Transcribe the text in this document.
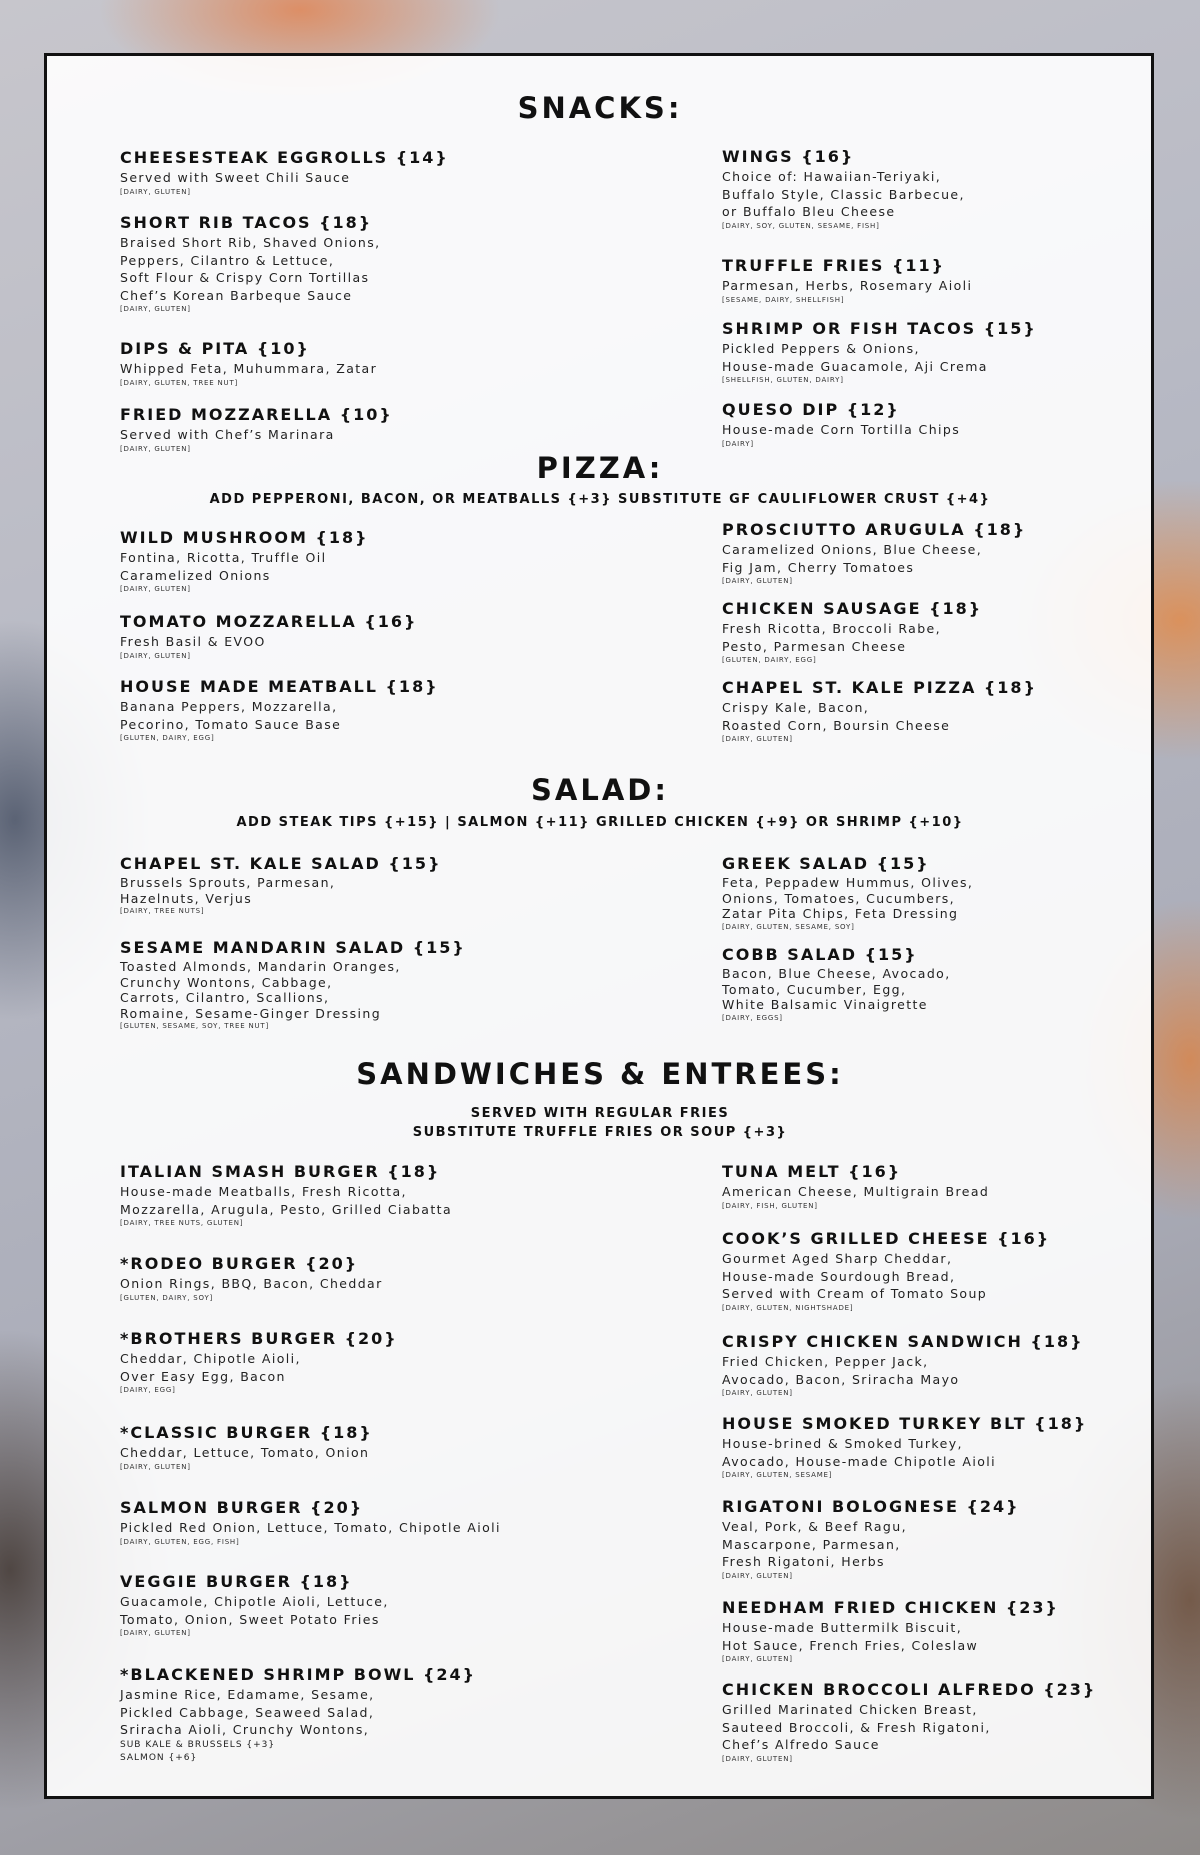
SNACKS:
CHEESESTEAK EGGROLLS {14}
Served with Sweet Chili Sauce
[DAIRY, GLUTEN]
SHORT RIB TACOS {18}
Braised Short Rib, Shaved Onions,
Peppers, Cilantro & Lettuce,
Soft Flour & Crispy Corn Tortillas
Chef’s Korean Barbeque Sauce
[DAIRY, GLUTEN]
DIPS & PITA {10}
Whipped Feta, Muhummara, Zatar
[DAIRY, GLUTEN, TREE NUT]
FRIED MOZZARELLA {10}
Served with Chef’s Marinara
[DAIRY, GLUTEN]
WINGS {16}
Choice of: Hawaiian-Teriyaki,
Buffalo Style, Classic Barbecue,
or Buffalo Bleu Cheese
[DAIRY, SOY, GLUTEN, SESAME, FISH]
TRUFFLE FRIES {11}
Parmesan, Herbs, Rosemary Aioli
[SESAME, DAIRY, SHELLFISH]
SHRIMP OR FISH TACOS {15}
Pickled Peppers & Onions,
House-made Guacamole, Aji Crema
[SHELLFISH, GLUTEN, DAIRY]
QUESO DIP {12}
House-made Corn Tortilla Chips
[DAIRY]
PIZZA:
ADD PEPPERONI, BACON, OR MEATBALLS {+3} SUBSTITUTE GF CAULIFLOWER CRUST {+4}
WILD MUSHROOM {18}
Fontina, Ricotta, Truffle Oil
Caramelized Onions
[DAIRY, GLUTEN]
TOMATO MOZZARELLA {16}
Fresh Basil & EVOO
[DAIRY, GLUTEN]
HOUSE MADE MEATBALL {18}
Banana Peppers, Mozzarella,
Pecorino, Tomato Sauce Base
[GLUTEN, DAIRY, EGG]
PROSCIUTTO ARUGULA {18}
Caramelized Onions, Blue Cheese,
Fig Jam, Cherry Tomatoes
[DAIRY, GLUTEN]
CHICKEN SAUSAGE {18}
Fresh Ricotta, Broccoli Rabe,
Pesto, Parmesan Cheese
[GLUTEN, DAIRY, EGG]
CHAPEL ST. KALE PIZZA {18}
Crispy Kale, Bacon,
Roasted Corn, Boursin Cheese
[DAIRY, GLUTEN]
SALAD:
ADD STEAK TIPS {+15} | SALMON {+11} GRILLED CHICKEN {+9} OR SHRIMP {+10}
CHAPEL ST. KALE SALAD {15}
Brussels Sprouts, Parmesan,
Hazelnuts, Verjus
[DAIRY, TREE NUTS]
SESAME MANDARIN SALAD {15}
Toasted Almonds, Mandarin Oranges,
Crunchy Wontons, Cabbage,
Carrots, Cilantro, Scallions,
Romaine, Sesame-Ginger Dressing
[GLUTEN, SESAME, SOY, TREE NUT]
GREEK SALAD {15}
Feta, Peppadew Hummus, Olives,
Onions, Tomatoes, Cucumbers,
Zatar Pita Chips, Feta Dressing
[DAIRY, GLUTEN, SESAME, SOY]
COBB SALAD {15}
Bacon, Blue Cheese, Avocado,
Tomato, Cucumber, Egg,
White Balsamic Vinaigrette
[DAIRY, EGGS]
SANDWICHES & ENTREES:
SERVED WITH REGULAR FRIES
SUBSTITUTE TRUFFLE FRIES OR SOUP {+3}
ITALIAN SMASH BURGER {18}
House-made Meatballs, Fresh Ricotta,
Mozzarella, Arugula, Pesto, Grilled Ciabatta
[DAIRY, TREE NUTS, GLUTEN]
*RODEO BURGER {20}
Onion Rings, BBQ, Bacon, Cheddar
[GLUTEN, DAIRY, SOY]
*BROTHERS BURGER {20}
Cheddar, Chipotle Aioli,
Over Easy Egg, Bacon
[DAIRY, EGG]
*CLASSIC BURGER {18}
Cheddar, Lettuce, Tomato, Onion
[DAIRY, GLUTEN]
SALMON BURGER {20}
Pickled Red Onion, Lettuce, Tomato, Chipotle Aioli
[DAIRY, GLUTEN, EGG, FISH]
VEGGIE BURGER {18}
Guacamole, Chipotle Aioli, Lettuce,
Tomato, Onion, Sweet Potato Fries
[DAIRY, GLUTEN]
*BLACKENED SHRIMP BOWL {24}
Jasmine Rice, Edamame, Sesame,
Pickled Cabbage, Seaweed Salad,
Sriracha Aioli, Crunchy Wontons,
SUB KALE & BRUSSELS {+3}
SALMON {+6}
TUNA MELT {16}
American Cheese, Multigrain Bread
[DAIRY, FISH, GLUTEN]
COOK’S GRILLED CHEESE {16}
Gourmet Aged Sharp Cheddar,
House-made Sourdough Bread,
Served with Cream of Tomato Soup
[DAIRY, GLUTEN, NIGHTSHADE]
CRISPY CHICKEN SANDWICH {18}
Fried Chicken, Pepper Jack,
Avocado, Bacon, Sriracha Mayo
[DAIRY, GLUTEN]
HOUSE SMOKED TURKEY BLT {18}
House-brined & Smoked Turkey,
Avocado, House-made Chipotle Aioli
[DAIRY, GLUTEN, SESAME]
RIGATONI BOLOGNESE {24}
Veal, Pork, & Beef Ragu,
Mascarpone, Parmesan,
Fresh Rigatoni, Herbs
[DAIRY, GLUTEN]
NEEDHAM FRIED CHICKEN {23}
House-made Buttermilk Biscuit,
Hot Sauce, French Fries, Coleslaw
[DAIRY, GLUTEN]
CHICKEN BROCCOLI ALFREDO {23}
Grilled Marinated Chicken Breast,
Sauteed Broccoli, & Fresh Rigatoni,
Chef’s Alfredo Sauce
[DAIRY, GLUTEN]
